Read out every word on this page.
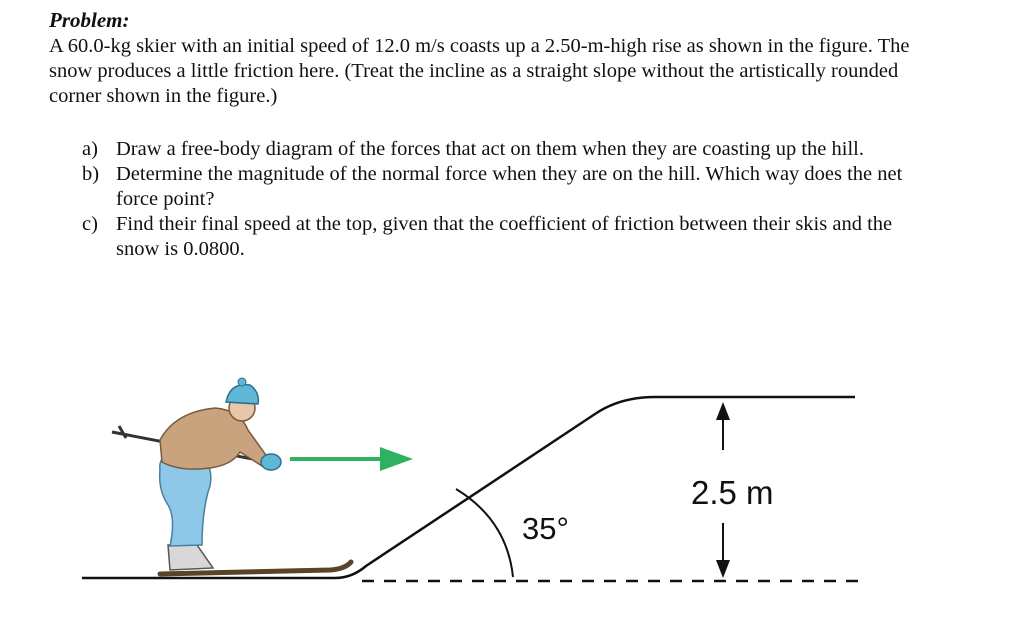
Problem:
A 60.0-kg skier with an initial speed of 12.0 m/s coasts up a 2.50-m-high rise as shown in the figure. The snow produces a little friction here. (Treat the incline as a straight slope without the artistically rounded corner shown in the figure.)
a) Draw a free-body diagram of the forces that act on them when they are coasting up the hill.
b) Determine the magnitude of the normal force when they are on the hill. Which way does the net force point?
c) Find their final speed at the top, given that the coefficient of friction between their skis and the snow is 0.0800.
35°
2.5 m
